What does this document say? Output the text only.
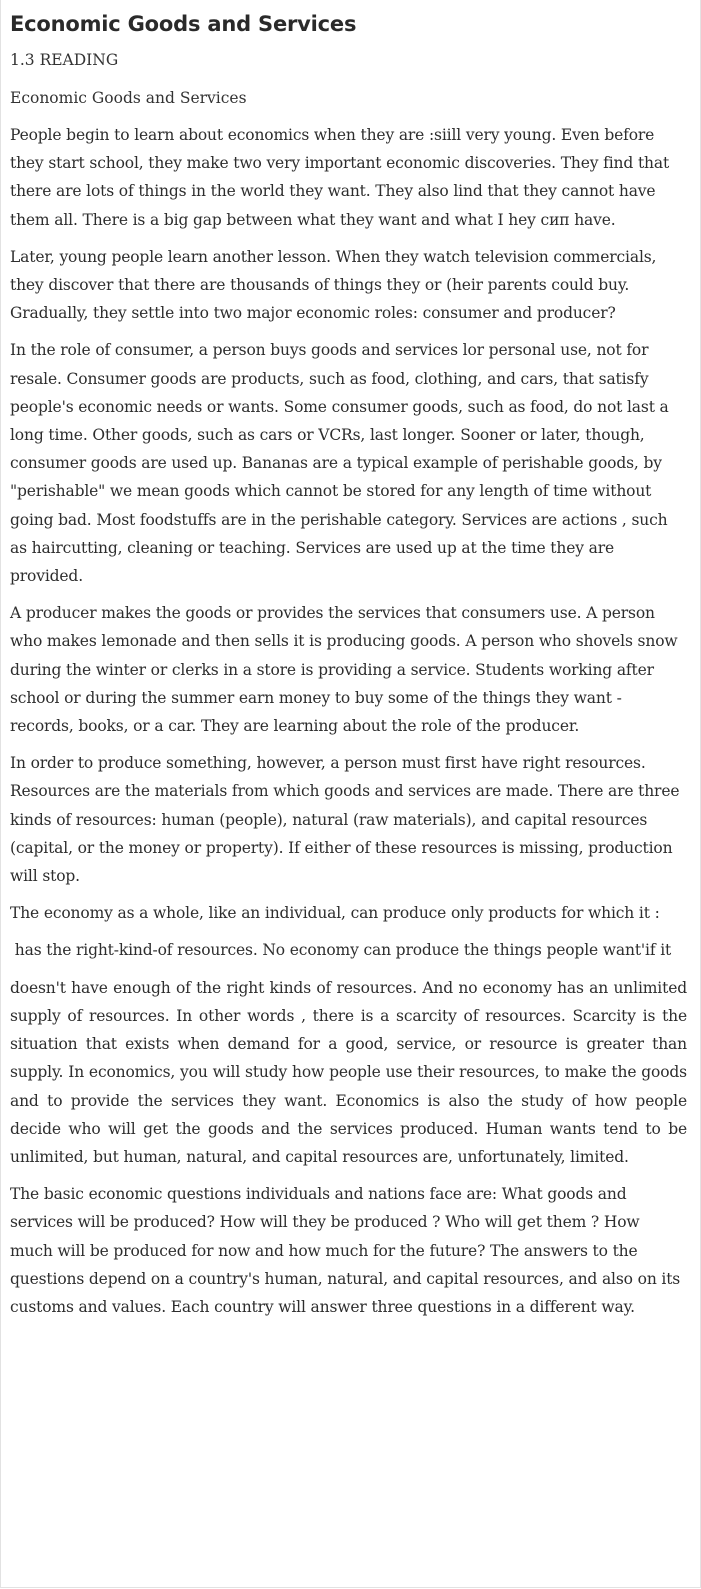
Economic Goods and Services
1.3 READING
Economic Goods and Services

People begin to learn about economics when they are :siill very young. Even before they start school, they make two very important economic discoveries. They find that there are lots of things in the world they want. They also lind that they cannot have them all. There is a big gap between what they want and what I hey сип have.

Later, young people learn another lesson. When they watch television commercials, they discover that there are thousands of things they or (heir parents could buy. Gradually, they settle into two major economic roles: consumer and producer?

In the role of consumer, a person buys goods and services lor personal use, not for resale. Consumer goods are products, such as food, clothing, and cars, that satisfy people's economic needs or wants. Some consumer goods, such as food, do not last a long time. Other goods, such as cars or VCRs, last longer. Sooner or later, though, consumer goods are used up. Bananas are a typical example of perishable goods, by "perishable" we mean goods which cannot be stored for any length of time without going bad. Most foodstuffs are in the perishable category. Services are actions , such as haircutting, cleaning or teaching. Services are used up at the time they are provided.

A producer makes the goods or provides the services that consumers use. A person who makes lemonade and then sells it is producing goods. A person who shovels snow during the winter or clerks in a store is providing a service. Students working after school or during the summer earn money to buy some of the things they want - records, books, or a car. They are learning about the role of the producer.

In order to produce something, however, a person must first have right resources. Resources are the materials from which goods and services are made. There are three kinds of resources: human (people), natural (raw materials), and capital resources (capital, or the money or property). If either of these resources is missing, production will stop.

The economy as a whole, like an individual, can produce only products for which it :

has the right-kind-of resources. No economy can produce the things people want'if it

doesn't have enough of the right kinds of resources. And no economy has an unlimited supply of resources. In other words , there is a scarcity of resources. Scarcity is the situation that exists when demand for a good, service, or resource is greater than supply. In economics, you will study how people use their resources, to make the goods and to provide the services they want. Economics is also the study of how people decide who will get the goods and the services produced. Human wants tend to be unlimited, but human, natural, and capital resources are, unfortunately, limited.

The basic economic questions individuals and nations face are: What goods and services will be produced? How will they be produced ? Who will get them ? How much will be produced for now and how much for the future? The answers to the questions depend on a country's human, natural, and capital resources, and also on its customs and values. Each country will answer three questions in a different way.
